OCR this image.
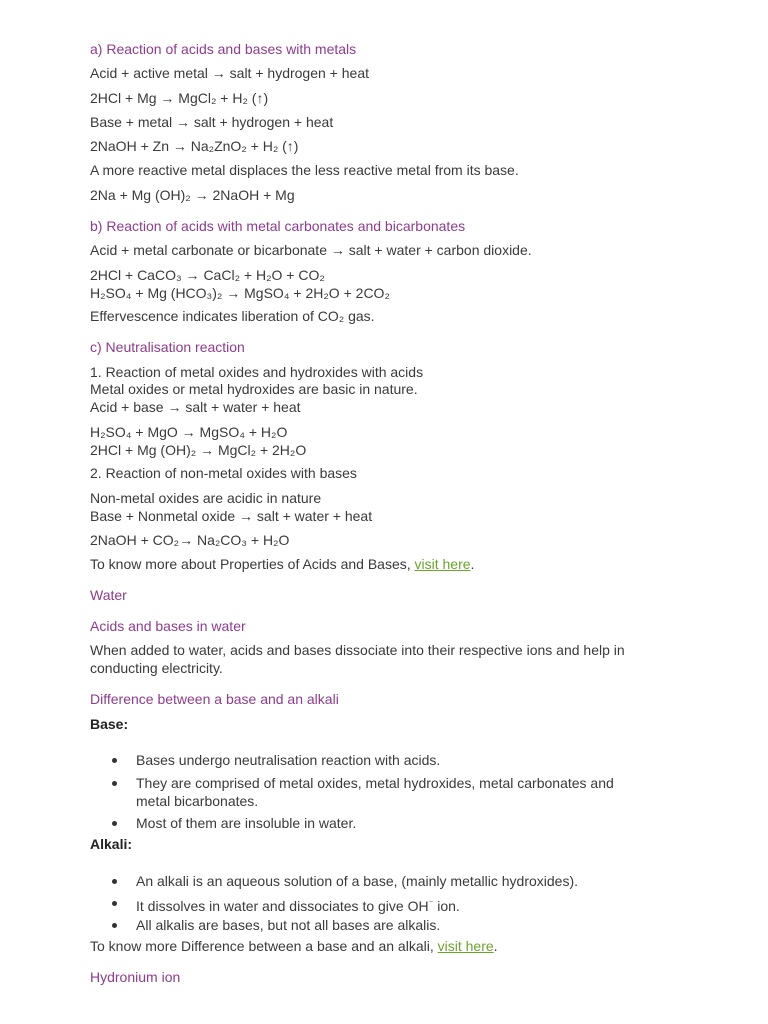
a) Reaction of acids and bases with metals
Acid + active metal → salt + hydrogen + heat
2HCl + Mg → MgCl₂ + H₂ (↑)
Base + metal → salt + hydrogen + heat
2NaOH + Zn → Na₂ZnO₂ + H₂ (↑)
A more reactive metal displaces the less reactive metal from its base.
2Na + Mg (OH)₂ → 2NaOH + Mg
b) Reaction of acids with metal carbonates and bicarbonates
Acid + metal carbonate or bicarbonate → salt + water + carbon dioxide.
2HCl + CaCO₃ → CaCl₂ + H₂O + CO₂
H₂SO₄ + Mg (HCO₃)₂ → MgSO₄ + 2H₂O + 2CO₂
Effervescence indicates liberation of CO₂ gas.
c) Neutralisation reaction
1. Reaction of metal oxides and hydroxides with acids
Metal oxides or metal hydroxides are basic in nature.
Acid + base → salt + water + heat
H₂SO₄ + MgO → MgSO₄ + H₂O
2HCl + Mg (OH)₂ → MgCl₂ + 2H₂O
2. Reaction of non-metal oxides with bases
Non-metal oxides are acidic in nature
Base + Nonmetal oxide → salt + water + heat
2NaOH + CO₂→ Na₂CO₃ + H₂O
To know more about Properties of Acids and Bases, visit here.
Water
Acids and bases in water
When added to water, acids and bases dissociate into their respective ions and help in
conducting electricity.
Difference between a base and an alkali
Base:
Bases undergo neutralisation reaction with acids.
They are comprised of metal oxides, metal hydroxides, metal carbonates and
metal bicarbonates.
Most of them are insoluble in water.
Alkali:
An alkali is an aqueous solution of a base, (mainly metallic hydroxides).
It dissolves in water and dissociates to give OH⁻ ion.
All alkalis are bases, but not all bases are alkalis.
To know more Difference between a base and an alkali, visit here.
Hydronium ion
